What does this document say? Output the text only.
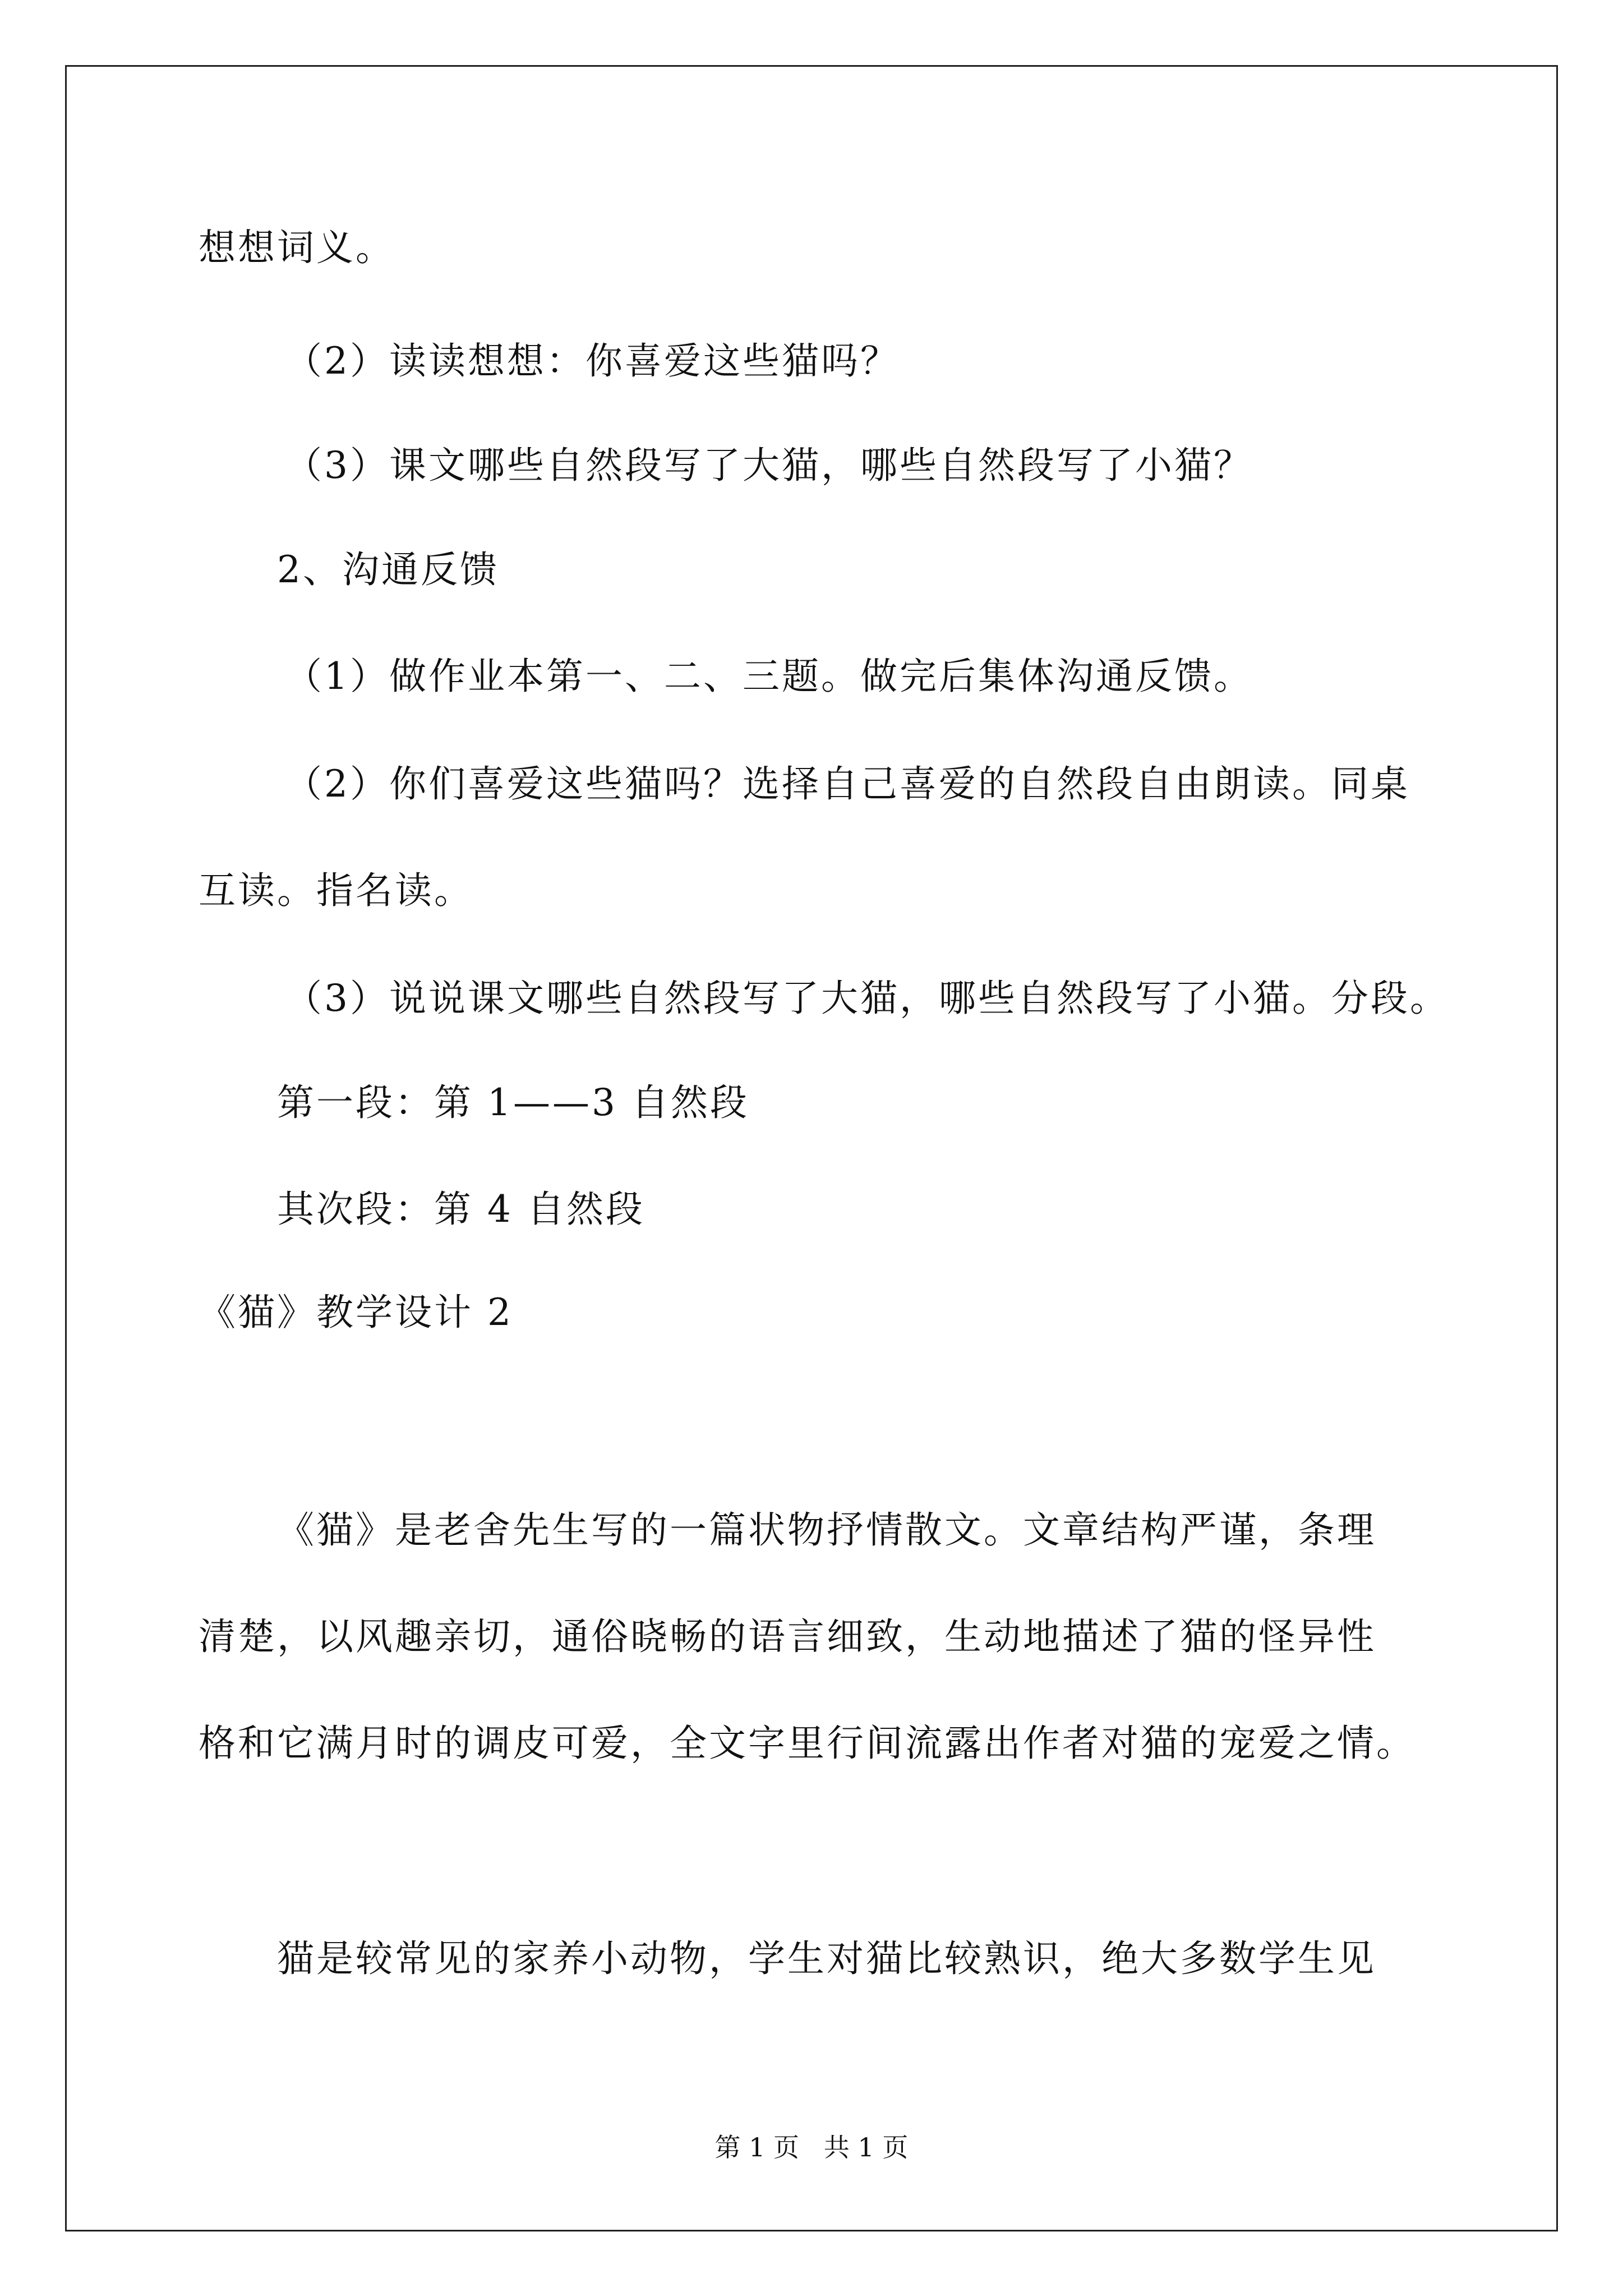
想想词义。
（2）读读想想：你喜爱这些猫吗？
（3）课文哪些自然段写了大猫，哪些自然段写了小猫？
2、沟通反馈
（1）做作业本第一、二、三题。做完后集体沟通反馈。
（2）你们喜爱这些猫吗？选择自己喜爱的自然段自由朗读。同桌
互读。指名读。
（3）说说课文哪些自然段写了大猫，哪些自然段写了小猫。分段。
第一段：第 1——3 自然段
其次段：第 4 自然段
《猫》教学设计 2
《猫》是老舍先生写的一篇状物抒情散文。文章结构严谨，条理
清楚，以风趣亲切，通俗晓畅的语言细致，生动地描述了猫的怪异性
格和它满月时的调皮可爱，全文字里行间流露出作者对猫的宠爱之情。
猫是较常见的家养小动物，学生对猫比较熟识，绝大多数学生见
第 1 页   共 1 页
